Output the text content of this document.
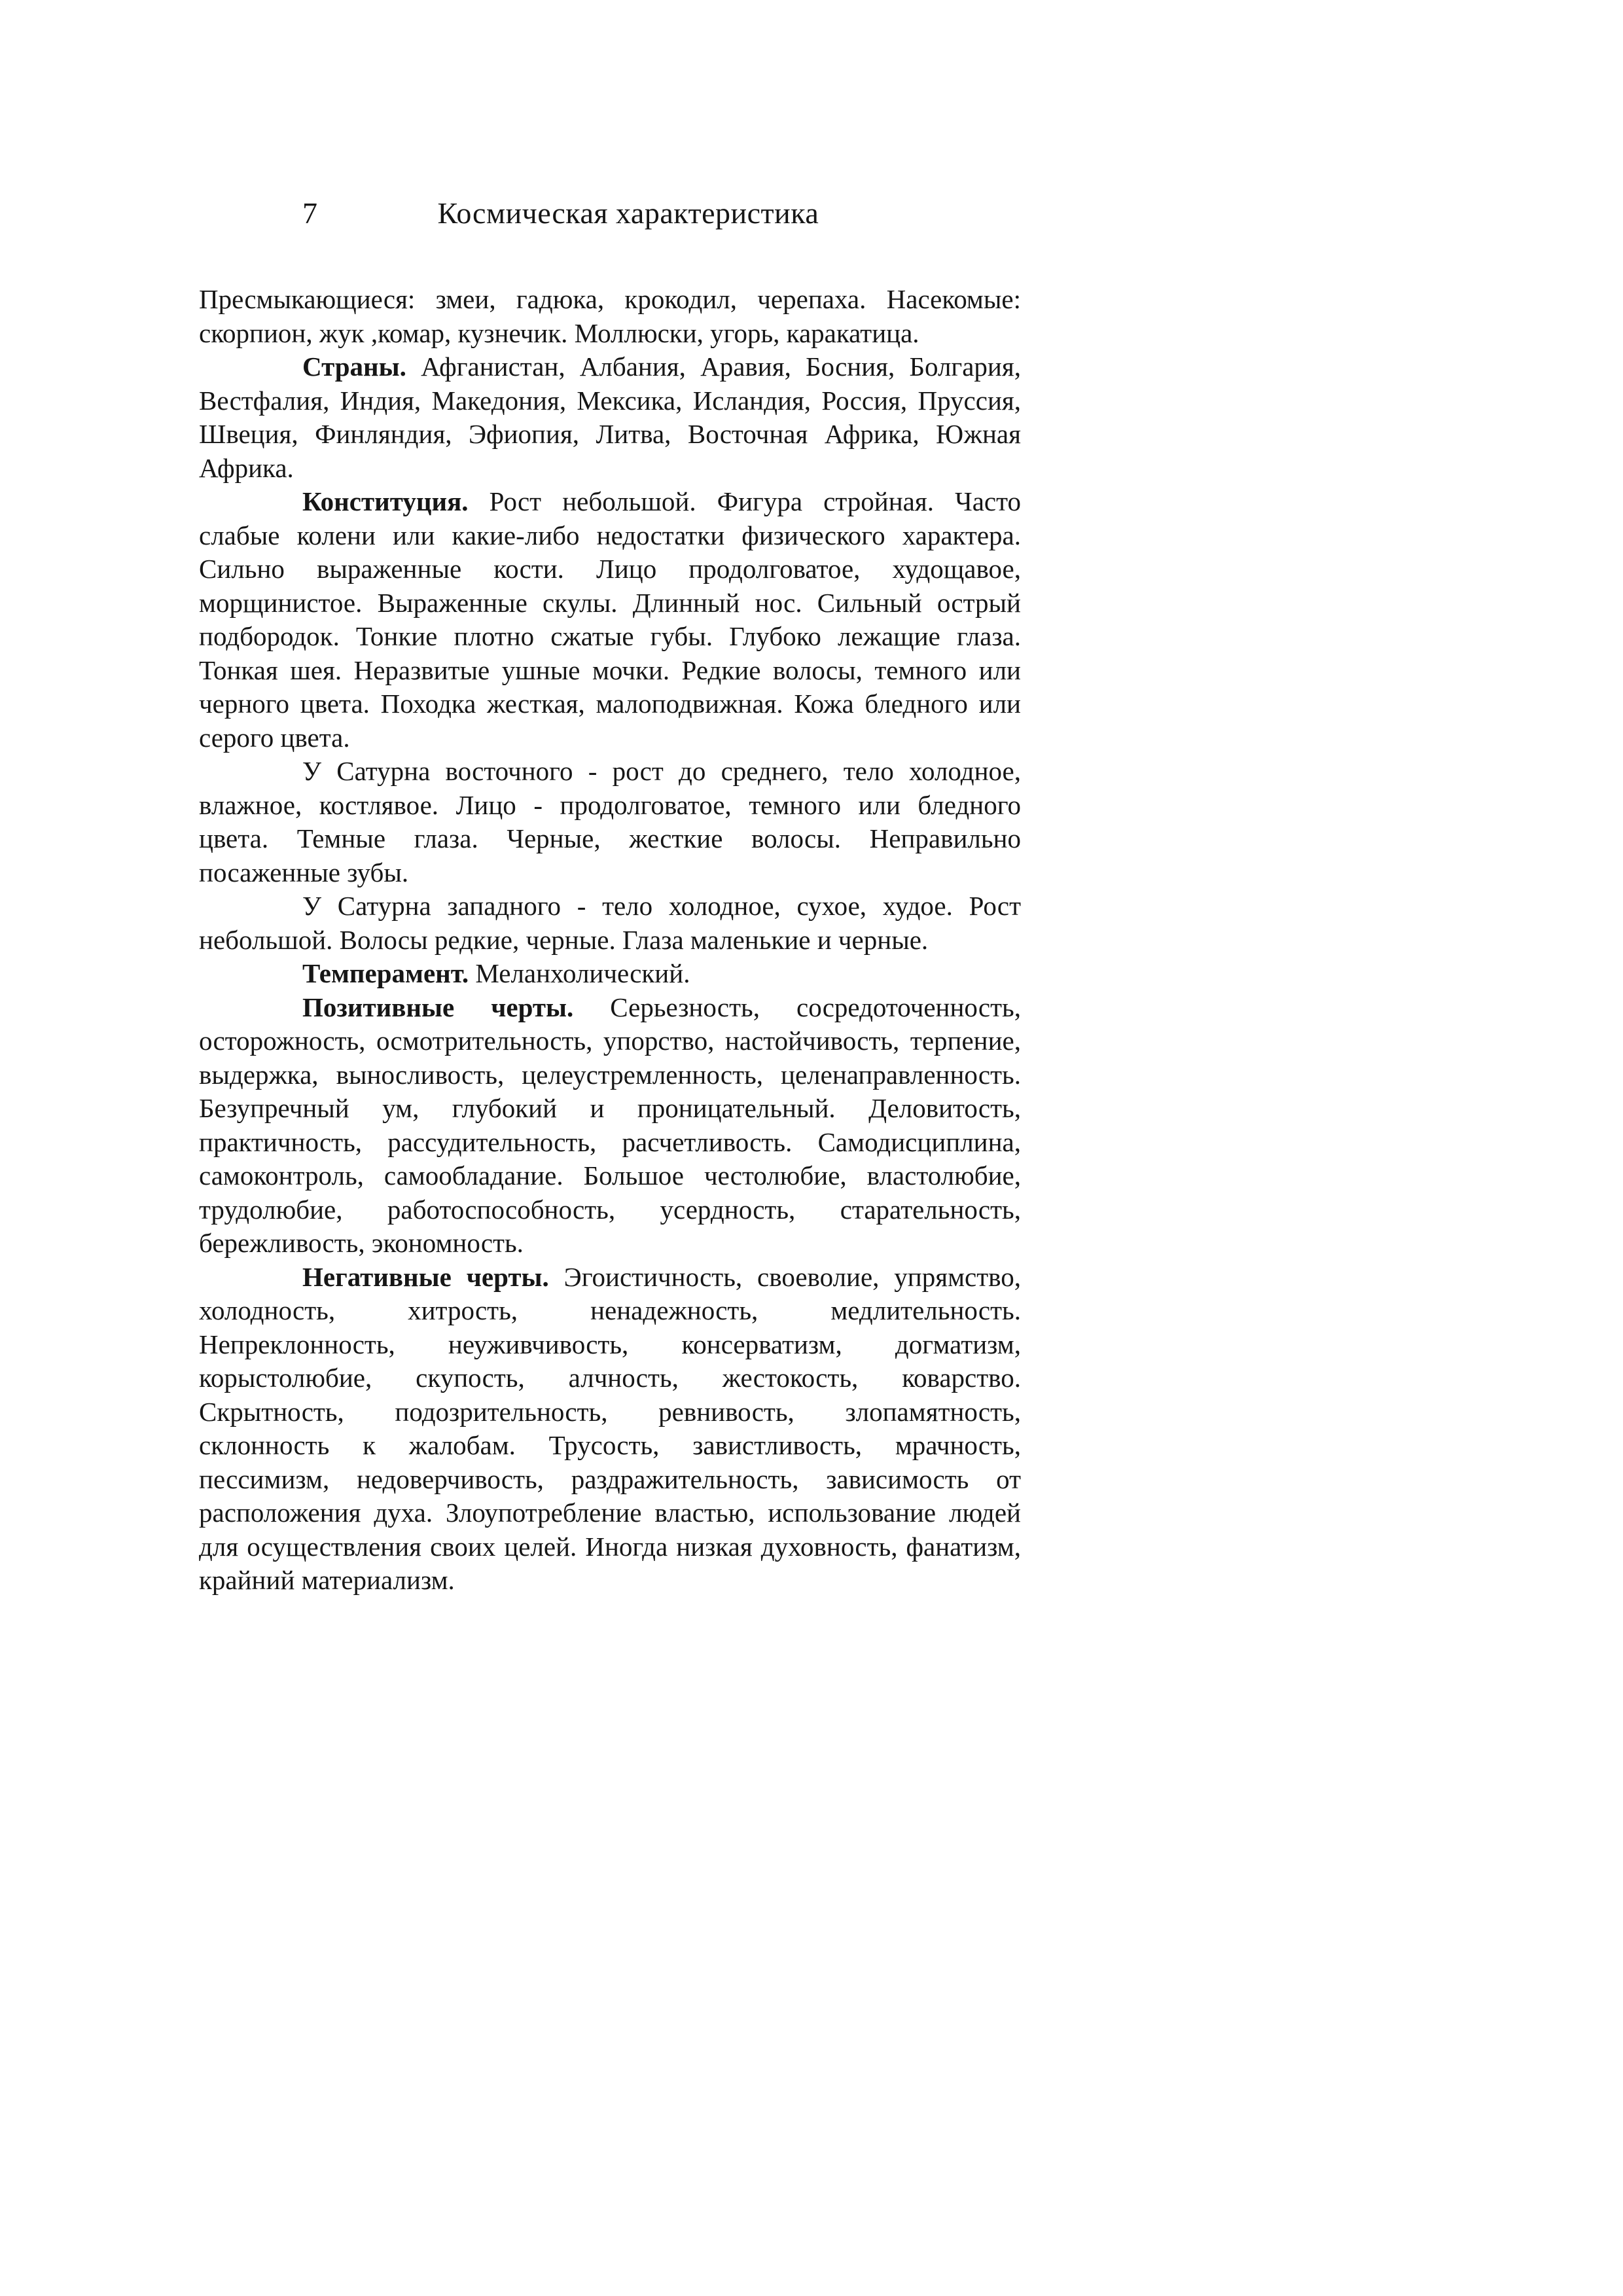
7	Космическая характеристика

Пресмыкающиеся: змеи, гадюка, крокодил, черепаха. Насекомые: скорпион, жук ,комар, кузнечик. Моллюски, угорь, каракатица.

Страны. Афганистан, Албания, Аравия, Босния, Болгария, Вестфалия, Индия, Македония, Мексика, Исландия, Россия, Пруссия, Швеция, Финляндия, Эфиопия, Литва, Восточная Африка, Южная Африка.

Конституция. Рост небольшой. Фигура стройная. Часто слабые колени или какие-либо недостатки физического характера. Сильно выраженные кости. Лицо продолговатое, худощавое, морщинистое. Выраженные скулы. Длинный нос. Сильный острый подбородок. Тонкие плотно сжатые губы. Глубоко лежащие глаза. Тонкая шея. Неразвитые ушные мочки. Редкие волосы, темного или черного цвета. Походка жесткая, малоподвижная. Кожа бледного или серого цвета.

У Сатурна восточного - рост до среднего, тело холодное, влажное, костлявое. Лицо - продолговатое, темного или бледного цвета. Темные глаза. Черные, жесткие волосы. Неправильно посаженные зубы.

У Сатурна западного - тело холодное, сухое, худое. Рост небольшой. Волосы редкие, черные. Глаза маленькие и черные.

Темперамент. Меланхолический.

Позитивные черты. Серьезность, сосредоточенность, осторожность, осмотрительность, упорство, настойчивость, терпение, выдержка, выносливость, целеустремленность, целенаправленность. Безупречный ум, глубокий и проницательный. Деловитость, практичность, рассудительность, расчетливость. Самодисциплина, самоконтроль, самообладание. Большое честолюбие, властолюбие, трудолюбие, работоспособность, усердность, старательность, бережливость, экономность.

Негативные черты. Эгоистичность, своеволие, упрямство, холодность, хитрость, ненадежность, медлительность. Непреклонность, неуживчивость, консерватизм, догматизм, корыстолюбие, скупость, алчность, жестокость, коварство. Скрытность, подозрительность, ревнивость, злопамятность, склонность к жалобам. Трусость, завистливость, мрачность, пессимизм, недоверчивость, раздражительность, зависимость от расположения духа. Злоупотребление властью, использование людей для осуществления своих целей. Иногда низкая духовность, фанатизм, крайний материализм.
